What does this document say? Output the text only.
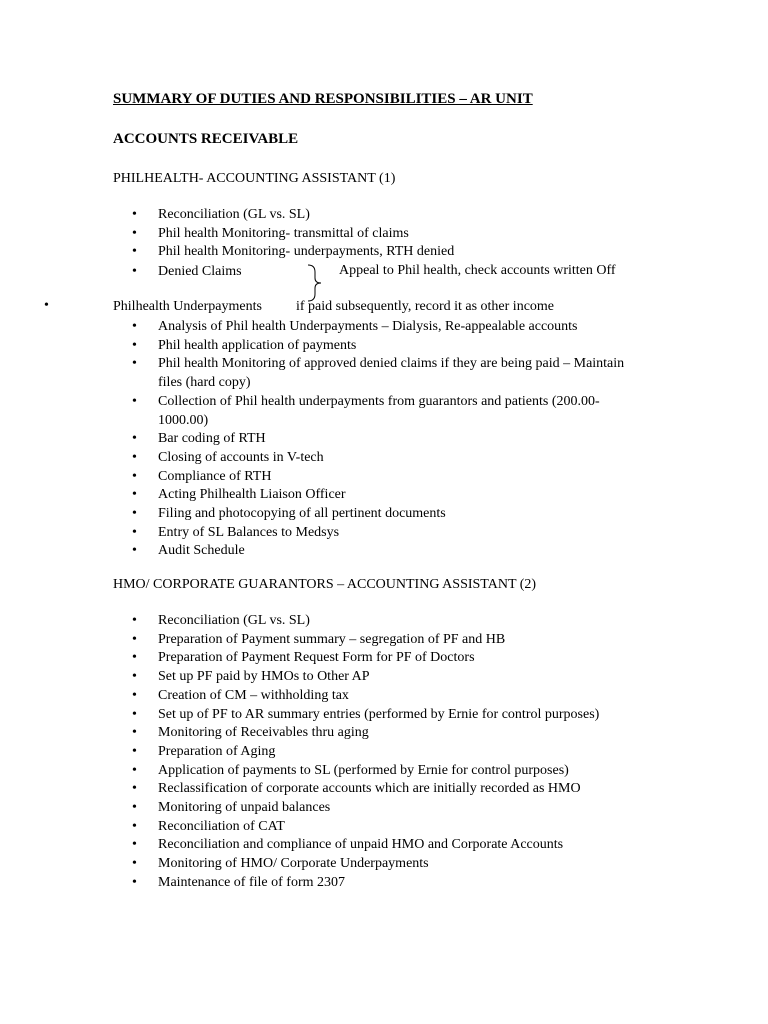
SUMMARY OF DUTIES AND RESPONSIBILITIES – AR UNIT
ACCOUNTS RECEIVABLE
PHILHEALTH- ACCOUNTING ASSISTANT (1)
• Reconciliation (GL vs. SL)
• Phil health Monitoring- transmittal of claims
• Phil health Monitoring- underpayments, RTH denied
• Denied Claims	Appeal to Phil health, check accounts written Off
•	Philhealth Underpayments if paid subsequently, record it as other income
• Analysis of Phil health Underpayments – Dialysis, Re-appealable accounts
• Phil health application of payments
• Phil health Monitoring of approved denied claims if they are being paid – Maintain files (hard copy)
• Collection of Phil health underpayments from guarantors and patients (200.00-1000.00)
• Bar coding of RTH
• Closing of accounts in V-tech
• Compliance of RTH
• Acting Philhealth Liaison Officer
• Filing and photocopying of all pertinent documents
• Entry of SL Balances to Medsys
• Audit Schedule
HMO/ CORPORATE GUARANTORS – ACCOUNTING ASSISTANT (2)
• Reconciliation (GL vs. SL)
• Preparation of Payment summary – segregation of PF and HB
• Preparation of Payment Request Form for PF of Doctors
• Set up PF paid by HMOs to Other AP
• Creation of CM – withholding tax
• Set up of PF to AR summary entries (performed by Ernie for control purposes)
• Monitoring of Receivables thru aging
• Preparation of Aging
• Application of payments to SL (performed by Ernie for control purposes)
• Reclassification of corporate accounts which are initially recorded as HMO
• Monitoring of unpaid balances
• Reconciliation of CAT
• Reconciliation and compliance of unpaid HMO and Corporate Accounts
• Monitoring of HMO/ Corporate Underpayments
• Maintenance of file of form 2307
